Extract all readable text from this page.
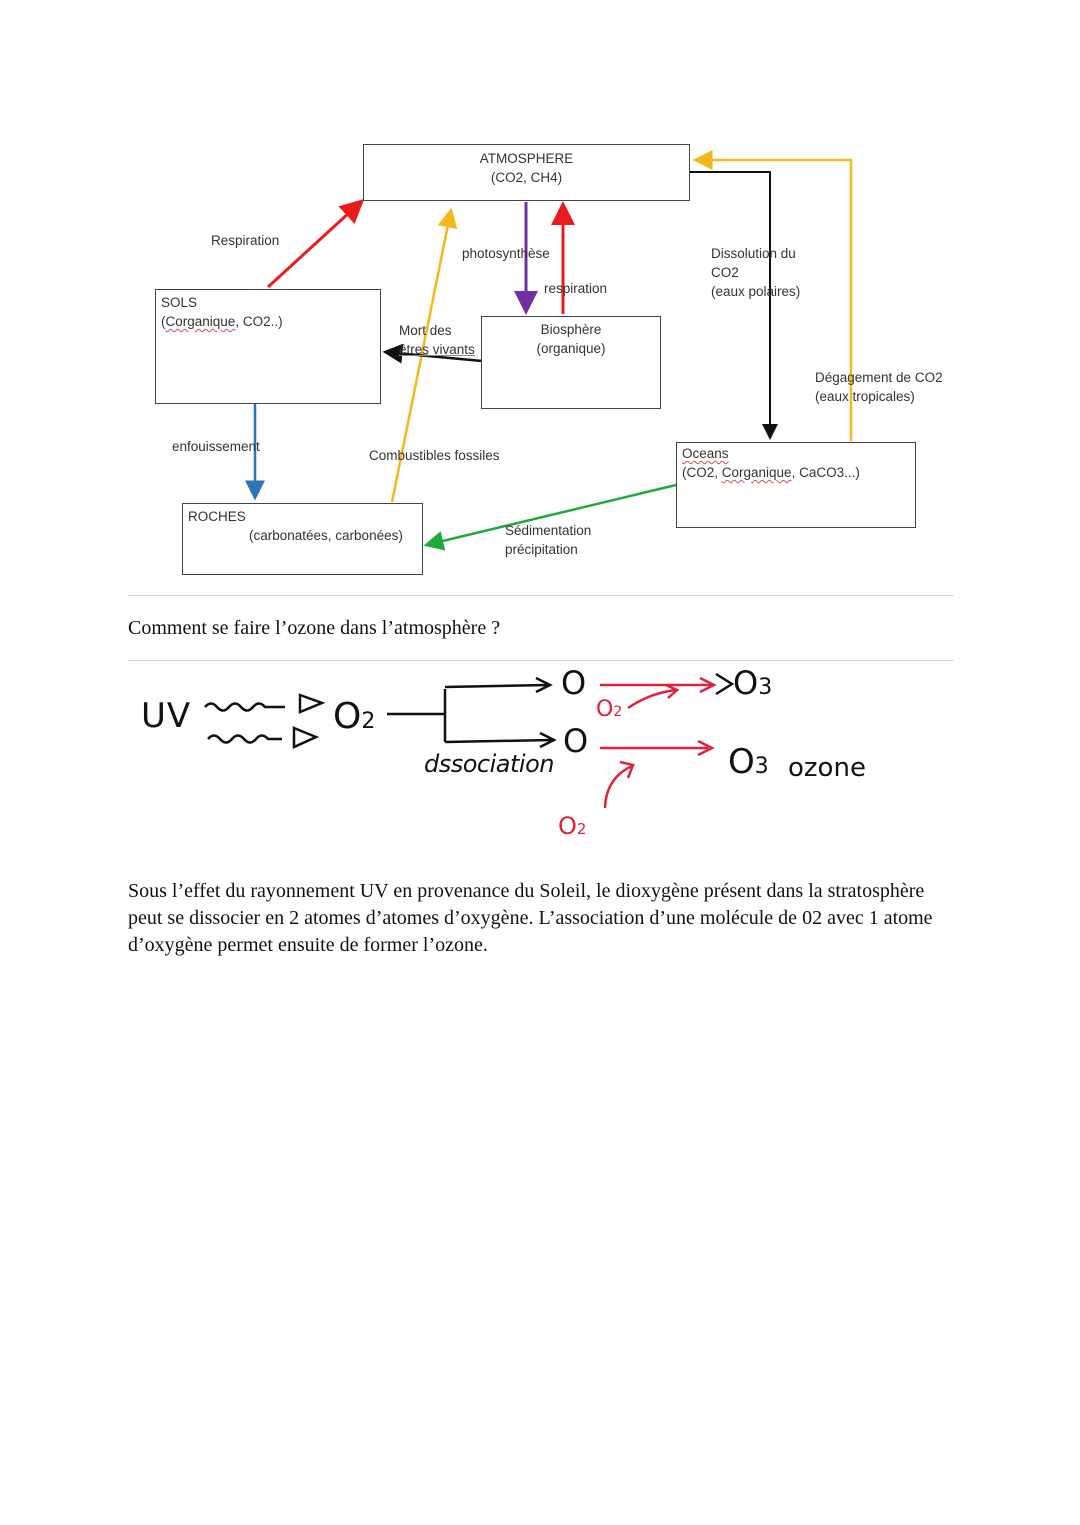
ATMOSPHERE
(CO2, CH4)
SOLS
(Corganique, CO2..)
Biosphère
(organique)
Oceans
(CO2, Corganique, CaCO3...)
ROCHES
(carbonatées, carbonées)
Respiration
photosynthèse
respiration
Mort des
êtres vivants
Dissolution du
CO2
(eaux polaires)
Dégagement de CO2
(eaux tropicales)
enfouissement
Combustibles fossiles
Sédimentation
précipitation
Comment se faire l’ozone dans l’atmosphère ?
UV	O2
O
O
dssociation
O2
O2
O3
O3 ozone
Sous l’effet du rayonnement UV en provenance du Soleil, le dioxygène présent dans la stratosphère peut se dissocier en 2 atomes d’atomes d’oxygène. L’association d’une molécule de 02 avec 1 atome d’oxygène permet ensuite de former l’ozone.
